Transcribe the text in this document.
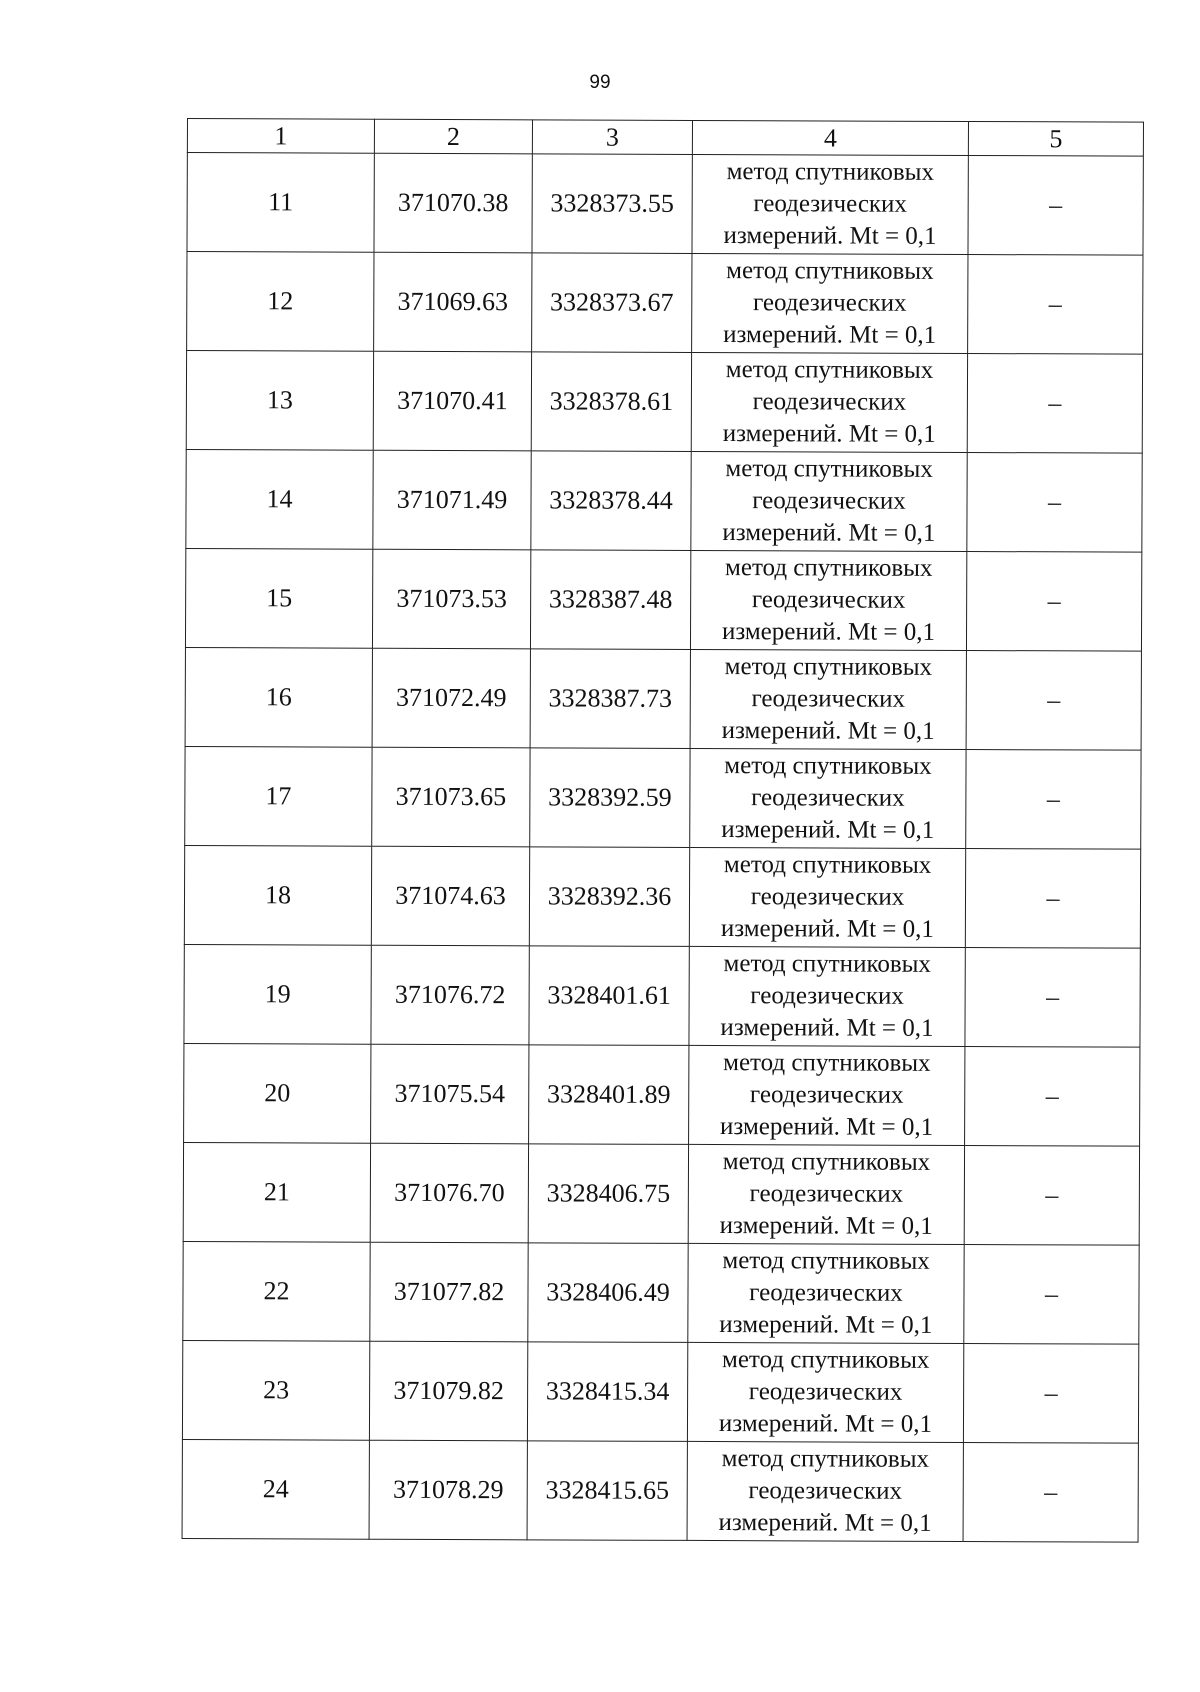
99
1	2	3	4	5
11	371070.38	3328373.55	метод спутниковых
геодезических
измерений. Mt = 0,1	–
12	371069.63	3328373.67	метод спутниковых
геодезических
измерений. Mt = 0,1	–
13	371070.41	3328378.61	метод спутниковых
геодезических
измерений. Mt = 0,1	–
14	371071.49	3328378.44	метод спутниковых
геодезических
измерений. Mt = 0,1	–
15	371073.53	3328387.48	метод спутниковых
геодезических
измерений. Mt = 0,1	–
16	371072.49	3328387.73	метод спутниковых
геодезических
измерений. Mt = 0,1	–
17	371073.65	3328392.59	метод спутниковых
геодезических
измерений. Mt = 0,1	–
18	371074.63	3328392.36	метод спутниковых
геодезических
измерений. Mt = 0,1	–
19	371076.72	3328401.61	метод спутниковых
геодезических
измерений. Mt = 0,1	–
20	371075.54	3328401.89	метод спутниковых
геодезических
измерений. Mt = 0,1	–
21	371076.70	3328406.75	метод спутниковых
геодезических
измерений. Mt = 0,1	–
22	371077.82	3328406.49	метод спутниковых
геодезических
измерений. Mt = 0,1	–
23	371079.82	3328415.34	метод спутниковых
геодезических
измерений. Mt = 0,1	–
24	371078.29	3328415.65	метод спутниковых
геодезических
измерений. Mt = 0,1	–
